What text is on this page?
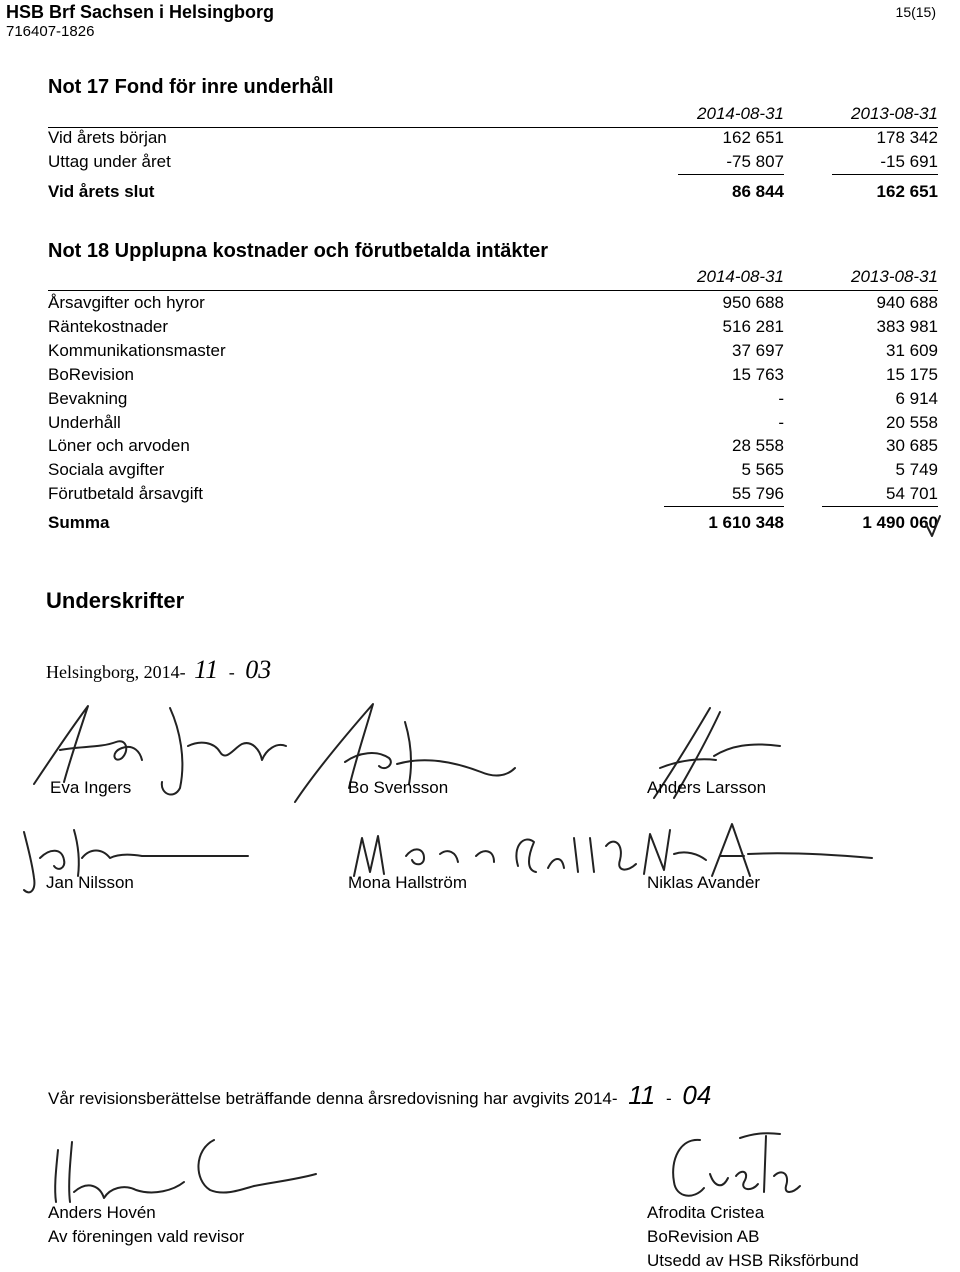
HSB Brf Sachsen i Helsingborg
716407-1826
15(15)
Not 17 Fond för inre underhåll
2014-08-31	2013-08-31
Vid årets början	162 651	178 342
Uttag under året	-75 807	-15 691
Vid årets slut	86 844	162 651
Not 18 Upplupna kostnader och förutbetalda intäkter
2014-08-31	2013-08-31
Årsavgifter och hyror	950 688	940 688
Räntekostnader	516 281	383 981
Kommunikationsmaster	37 697	31 609
BoRevision	15 763	15 175
Bevakning	-	6 914
Underhåll	-	20 558
Löner och arvoden	28 558	30 685
Sociala avgifter	5 565	5 749
Förutbetald årsavgift	55 796	54 701
Summa	1 610 348	1 490 060
Underskrifter
Helsingborg, 2014- 11 - 03
Eva Ingers	Bo Svensson	Anders Larsson
Jan Nilsson	Mona Hallström	Niklas Avander
Vår revisionsberättelse beträffande denna årsredovisning har avgivits 2014- 11 - 04
Anders Hovén
Av föreningen vald revisor
Afrodita Cristea
BoRevision AB
Utsedd av HSB Riksförbund
